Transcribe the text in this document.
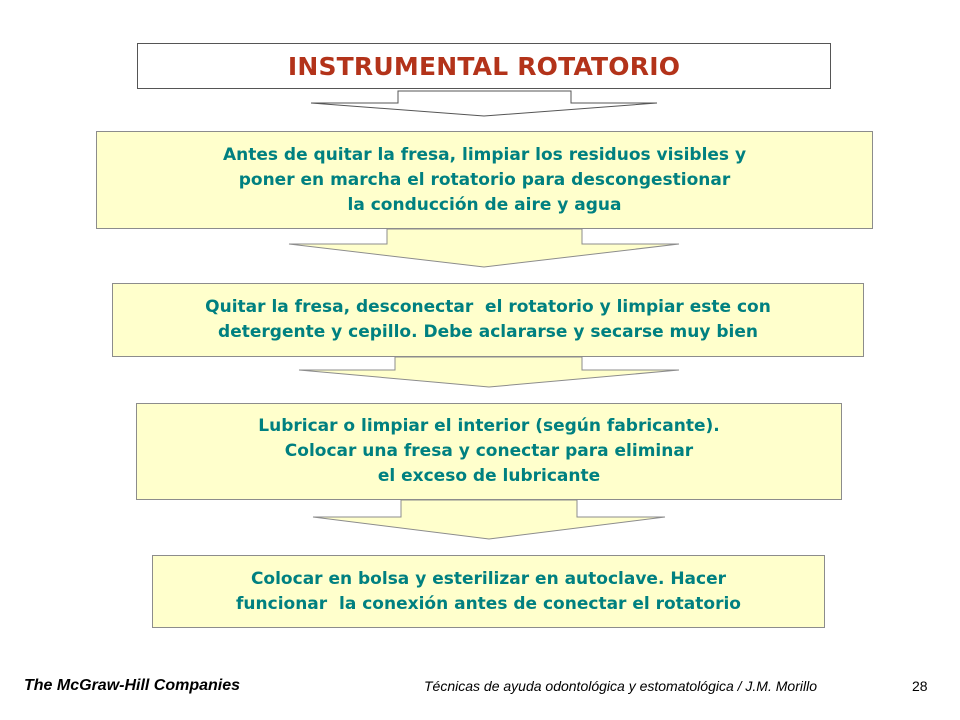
INSTRUMENTAL ROTATORIO
Antes de quitar la fresa, limpiar los residuos visibles y
poner en marcha el rotatorio para descongestionar
la conducción de aire y agua
Quitar la fresa, desconectar  el rotatorio y limpiar este con
detergente y cepillo. Debe aclararse y secarse muy bien
Lubricar o limpiar el interior (según fabricante).
Colocar una fresa y conectar para eliminar
el exceso de lubricante
Colocar en bolsa y esterilizar en autoclave. Hacer
funcionar  la conexión antes de conectar el rotatorio
The McGraw-Hill Companies	Técnicas de ayuda odontológica y estomatológica / J.M. Morillo	28
